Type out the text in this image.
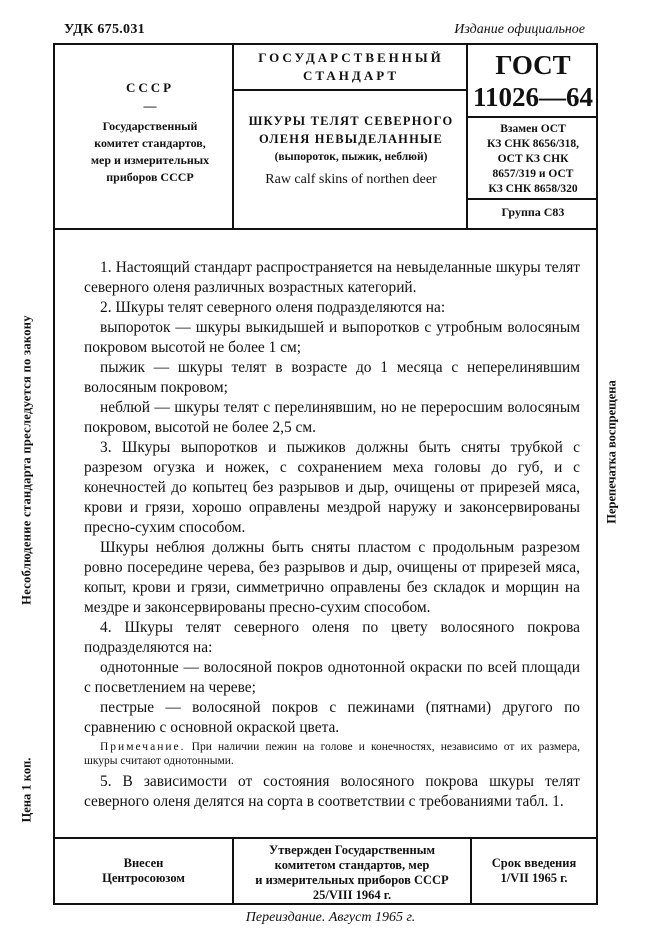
УДК 675.031	Издание официальное
СССР
—
Государственный
комитет стандартов,
мер и измерительных
приборов СССР
ГОСУДАРСТВЕННЫЙ
СТАНДАРТ
ШКУРЫ ТЕЛЯТ СЕВЕРНОГО
ОЛЕНЯ НЕВЫДЕЛАННЫЕ
(выпороток, пыжик, неблюй)
Raw calf skins of northen deer
ГОСТ
11026—64
Взамен ОСТ
КЗ СНК 8656/318,
ОСТ КЗ СНК
8657/319 и ОСТ
КЗ СНК 8658/320
Группа С83
Несоблюдение стандарта преследуется по закону
Цена 1 коп.
Перепечатка воспрещена

1. Настоящий стандарт распространяется на невыделанные шкуры телят северного оленя различных возрастных категорий.

2. Шкуры телят северного оленя подразделяются на:

выпороток — шкуры выкидышей и выпоротков с утробным волосяным покровом высотой не более 1 см;

пыжик — шкуры телят в возрасте до 1 месяца с неперелинявшим волосяным покровом;

неблюй — шкуры телят с перелинявшим, но не переросшим волосяным покровом, высотой не более 2,5 см.

3. Шкуры выпоротков и пыжиков должны быть сняты трубкой с разрезом огузка и ножек, с сохранением меха головы до губ, и с конечностей до копытец без разрывов и дыр, очищены от прирезей мяса, крови и грязи, хорошо оправлены мездрой наружу и законсервированы пресно-сухим способом.

Шкуры неблюя должны быть сняты пластом с продольным разрезом ровно посередине черева, без разрывов и дыр, очищены от прирезей мяса, копыт, крови и грязи, симметрично оправлены без складок и морщин на мездре и законсервированы пресно-сухим способом.

4. Шкуры телят северного оленя по цвету волосяного покрова подразделяются на:

однотонные — волосяной покров однотонной окраски по всей площади с посветлением на череве;

пестрые — волосяной покров с пежинами (пятнами) другого по сравнению с основной окраской цвета.

Примечание. При наличии пежин на голове и конечностях, независимо от их размера, шкуры считают однотонными.

5. В зависимости от состояния волосяного покрова шкуры телят северного оленя делятся на сорта в соответствии с требованиями табл. 1.

Внесен
Центросоюзом
Утвержден Государственным
комитетом стандартов, мер
и измерительных приборов СССР
25/VIII 1964 г.
Срок введения
1/VII 1965 г.
Переиздание. Август 1965 г.
